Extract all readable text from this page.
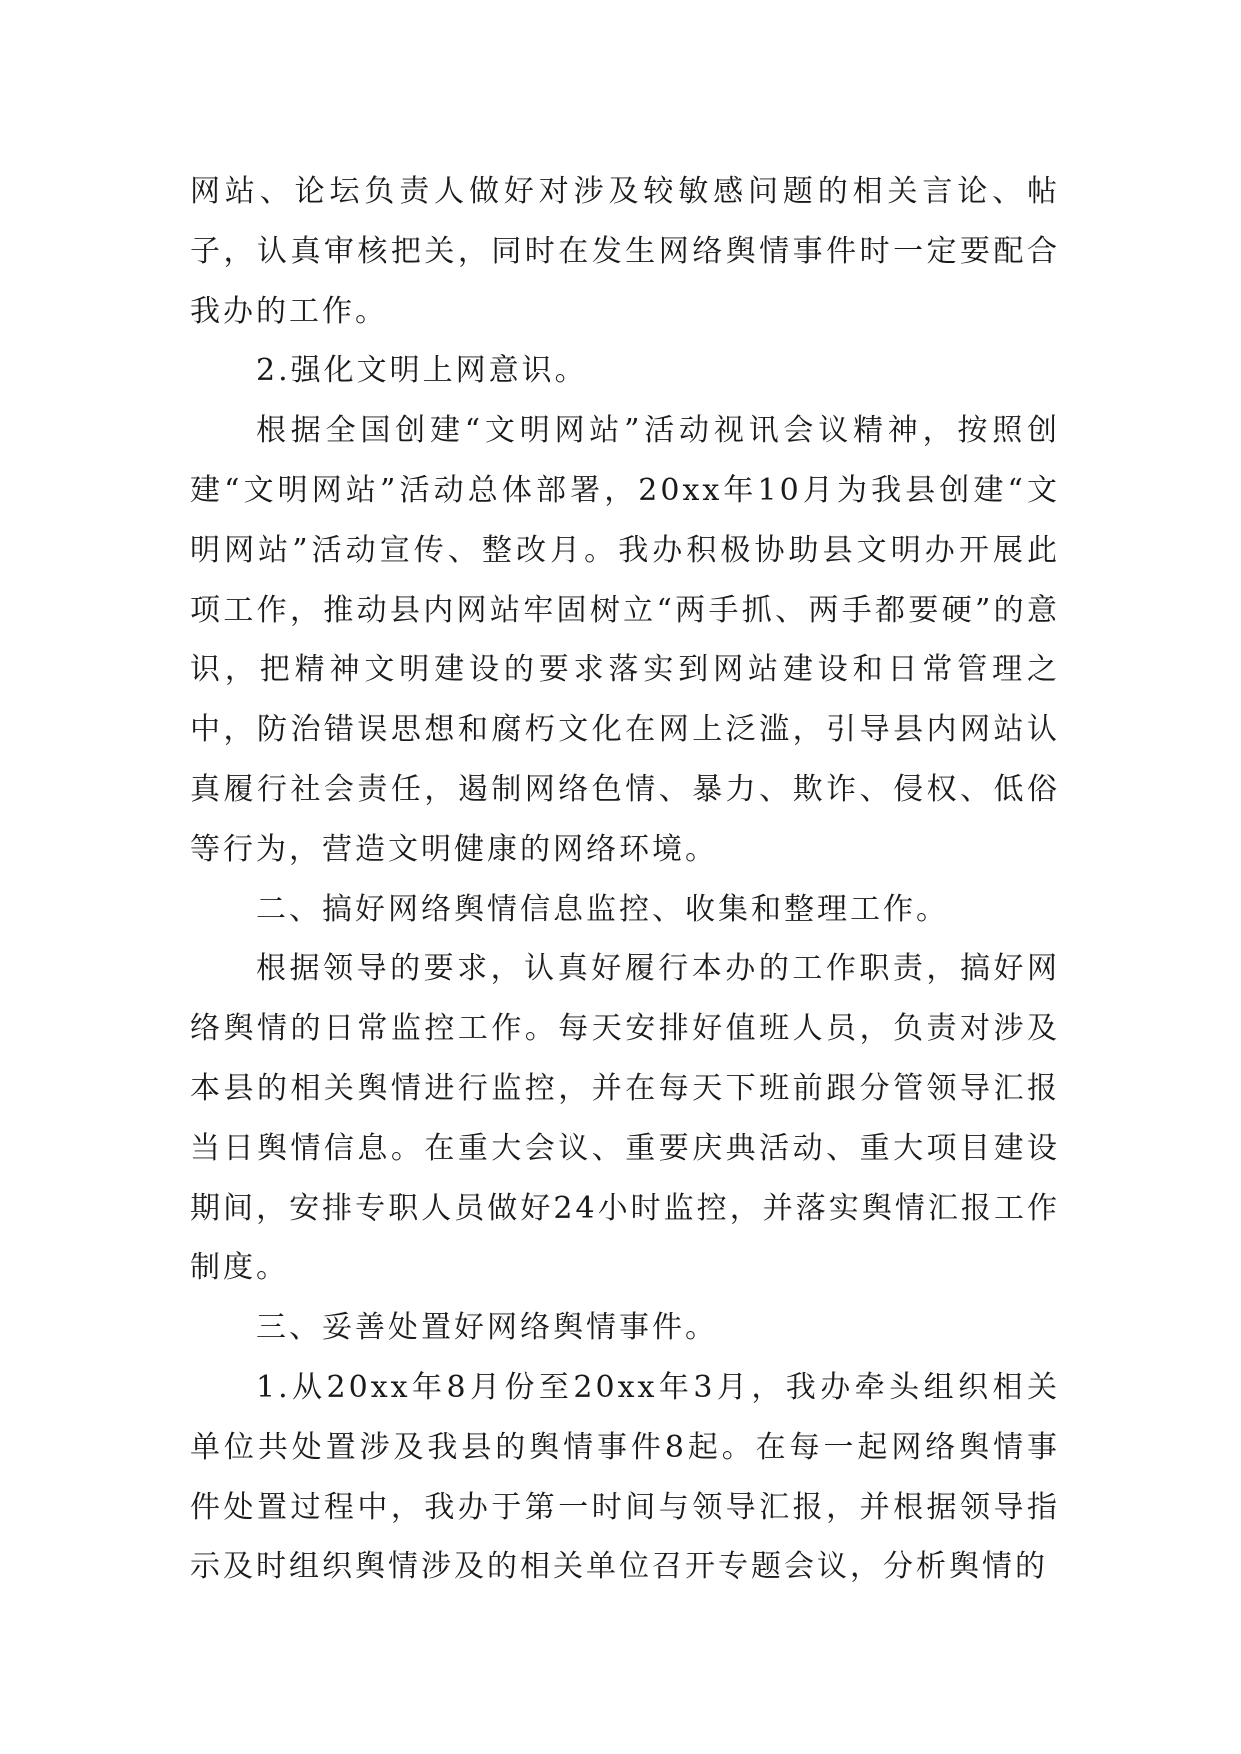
网站、论坛负责人做好对涉及较敏感问题的相关言论、帖子，认真审核把关，同时在发生网络舆情事件时一定要配合我办的工作。

2.强化文明上网意识。

根据全国创建“文明网站”活动视讯会议精神，按照创建“文明网站”活动总体部署，20xx年10月为我县创建“文明网站”活动宣传、整改月。我办积极协助县文明办开展此项工作，推动县内网站牢固树立“两手抓、两手都要硬”的意识，把精神文明建设的要求落实到网站建设和日常管理之中，防治错误思想和腐朽文化在网上泛滥，引导县内网站认真履行社会责任，遏制网络色情、暴力、欺诈、侵权、低俗等行为，营造文明健康的网络环境。

二、搞好网络舆情信息监控、收集和整理工作。

根据领导的要求，认真好履行本办的工作职责，搞好网络舆情的日常监控工作。每天安排好值班人员，负责对涉及本县的相关舆情进行监控，并在每天下班前跟分管领导汇报当日舆情信息。在重大会议、重要庆典活动、重大项目建设期间，安排专职人员做好24小时监控，并落实舆情汇报工作制度。

三、妥善处置好网络舆情事件。

1.从20xx年8月份至20xx年3月，我办牵头组织相关单位共处置涉及我县的舆情事件8起。在每一起网络舆情事件处置过程中，我办于第一时间与领导汇报，并根据领导指示及时组织舆情涉及的相关单位召开专题会议，分析舆情的
